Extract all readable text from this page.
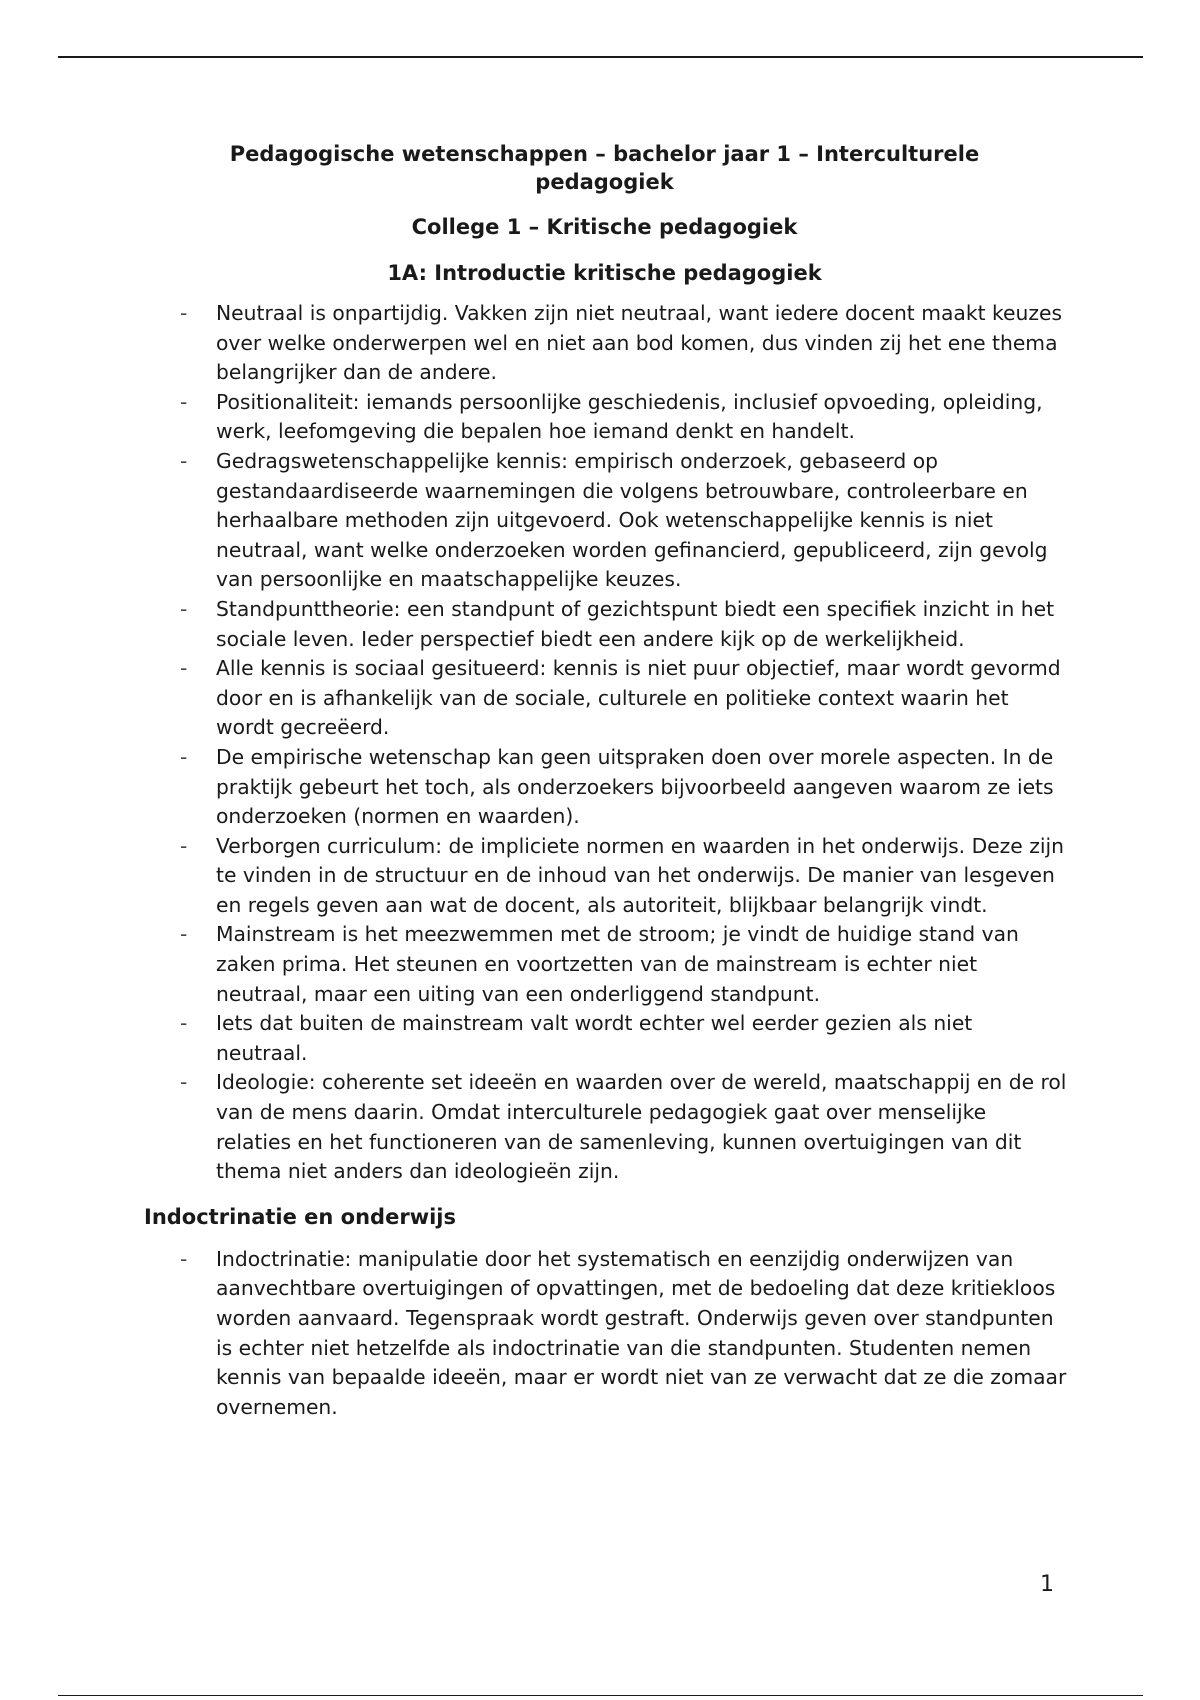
Pedagogische wetenschappen – bachelor jaar 1 – Interculturele pedagogiek
College 1 – Kritische pedagogiek
1A: Introductie kritische pedagogiek
- Neutraal is onpartijdig. Vakken zijn niet neutraal, want iedere docent maakt keuzes over welke onderwerpen wel en niet aan bod komen, dus vinden zij het ene thema belangrijker dan de andere.
- Positionaliteit: iemands persoonlijke geschiedenis, inclusief opvoeding, opleiding, werk, leefomgeving die bepalen hoe iemand denkt en handelt.
- Gedragswetenschappelijke kennis: empirisch onderzoek, gebaseerd op gestandaardiseerde waarnemingen die volgens betrouwbare, controleerbare en herhaalbare methoden zijn uitgevoerd. Ook wetenschappelijke kennis is niet neutraal, want welke onderzoeken worden gefinancierd, gepubliceerd, zijn gevolg van persoonlijke en maatschappelijke keuzes.
- Standpunttheorie: een standpunt of gezichtspunt biedt een specifiek inzicht in het sociale leven. Ieder perspectief biedt een andere kijk op de werkelijkheid.
- Alle kennis is sociaal gesitueerd: kennis is niet puur objectief, maar wordt gevormd door en is afhankelijk van de sociale, culturele en politieke context waarin het wordt gecreëerd.
- De empirische wetenschap kan geen uitspraken doen over morele aspecten. In de praktijk gebeurt het toch, als onderzoekers bijvoorbeeld aangeven waarom ze iets onderzoeken (normen en waarden).
- Verborgen curriculum: de impliciete normen en waarden in het onderwijs. Deze zijn te vinden in de structuur en de inhoud van het onderwijs. De manier van lesgeven en regels geven aan wat de docent, als autoriteit, blijkbaar belangrijk vindt.
- Mainstream is het meezwemmen met de stroom; je vindt de huidige stand van zaken prima. Het steunen en voortzetten van de mainstream is echter niet neutraal, maar een uiting van een onderliggend standpunt.
- Iets dat buiten de mainstream valt wordt echter wel eerder gezien als niet neutraal.
- Ideologie: coherente set ideeën en waarden over de wereld, maatschappij en de rol van de mens daarin. Omdat interculturele pedagogiek gaat over menselijke relaties en het functioneren van de samenleving, kunnen overtuigingen van dit thema niet anders dan ideologieën zijn.
Indoctrinatie en onderwijs
- Indoctrinatie: manipulatie door het systematisch en eenzijdig onderwijzen van aanvechtbare overtuigingen of opvattingen, met de bedoeling dat deze kritiekloos worden aanvaard. Tegenspraak wordt gestraft. Onderwijs geven over standpunten is echter niet hetzelfde als indoctrinatie van die standpunten. Studenten nemen kennis van bepaalde ideeën, maar er wordt niet van ze verwacht dat ze die zomaar overnemen.
1
